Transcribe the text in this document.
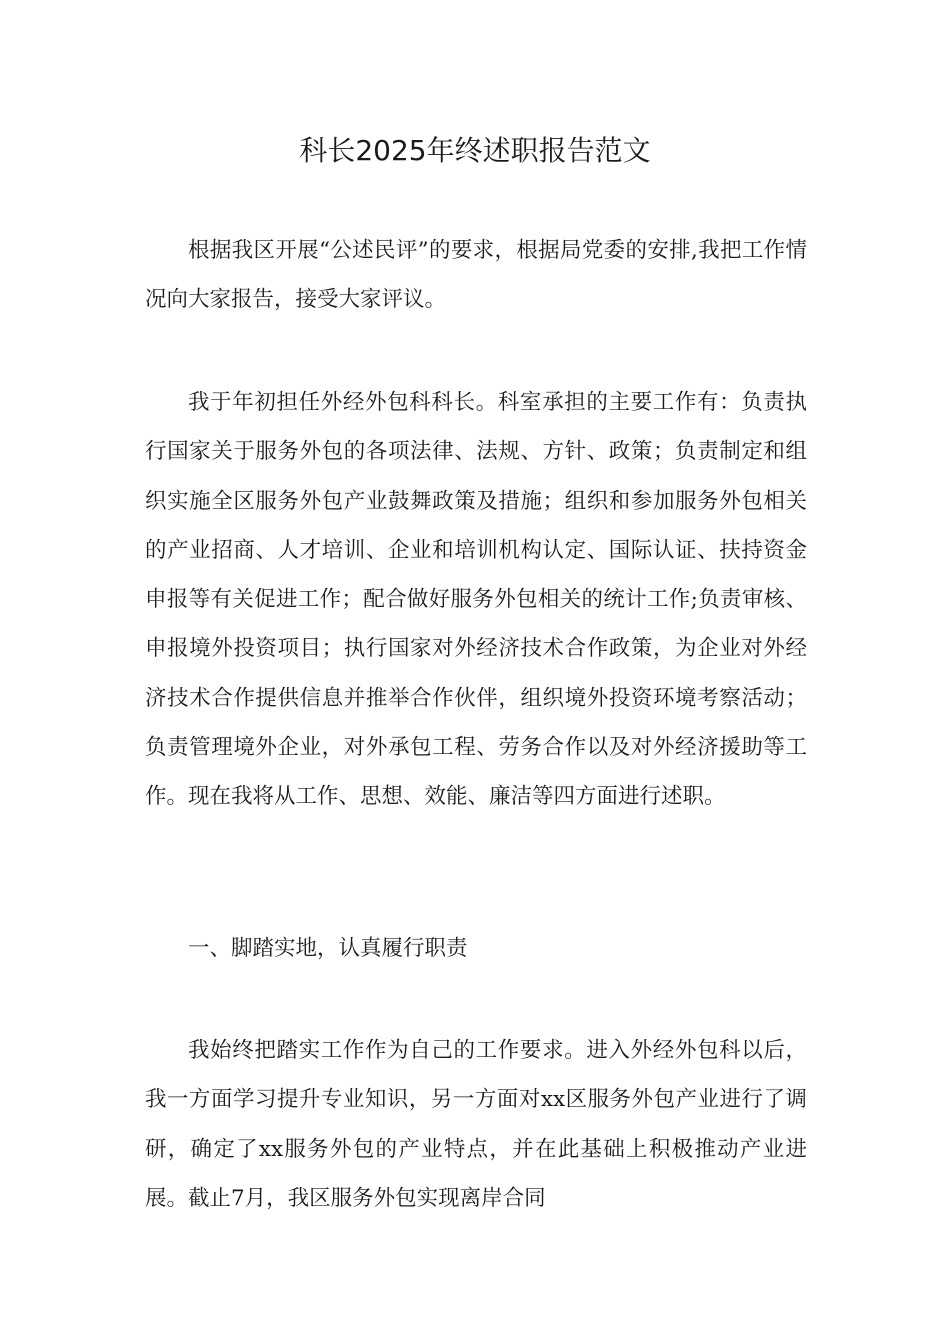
科长2025年终述职报告范文

根据我区开展“公述民评”的要求，根据局党委的安排,我把工作情况向大家报告，接受大家评议。

我于年初担任外经外包科科长。科室承担的主要工作有：负责执行国家关于服务外包的各项法律、法规、方针、政策；负责制定和组织实施全区服务外包产业鼓舞政策及措施；组织和参加服务外包相关的产业招商、人才培训、企业和培训机构认定、国际认证、扶持资金申报等有关促进工作；配合做好服务外包相关的统计工作;负责审核、申报境外投资项目；执行国家对外经济技术合作政策，为企业对外经济技术合作提供信息并推举合作伙伴，组织境外投资环境考察活动；负责管理境外企业，对外承包工程、劳务合作以及对外经济援助等工作。现在我将从工作、思想、效能、廉洁等四方面进行述职。

一、脚踏实地，认真履行职责

我始终把踏实工作作为自己的工作要求。进入外经外包科以后，我一方面学习提升专业知识，另一方面对xx区服务外包产业进行了调研，确定了xx服务外包的产业特点，并在此基础上积极推动产业进展。截止7月，我区服务外包实现离岸合同
